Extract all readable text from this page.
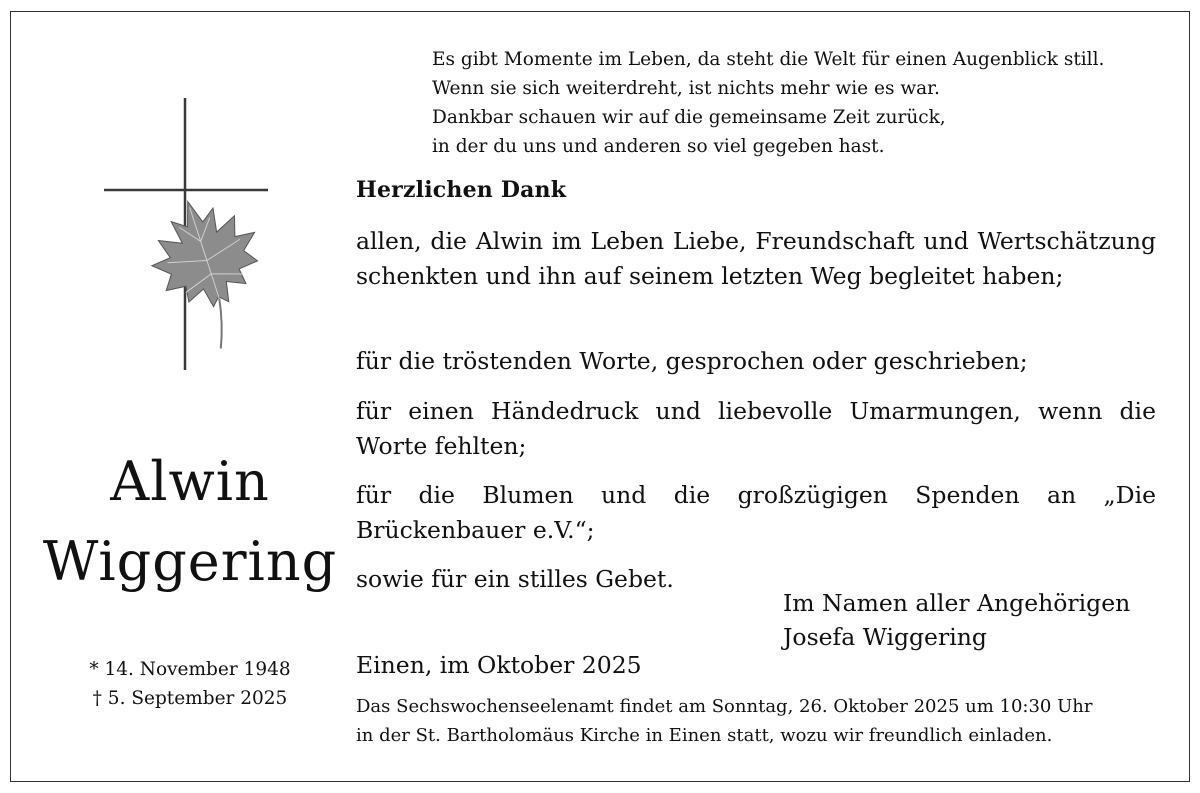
Es gibt Momente im Leben, da steht die Welt für einen Augenblick still.
Wenn sie sich weiterdreht, ist nichts mehr wie es war.
Dankbar schauen wir auf die gemeinsame Zeit zurück,
in der du uns und anderen so viel gegeben hast.
Herzlichen Dank
allen, die Alwin im Leben Liebe, Freundschaft und Wertschätzung schenkten und ihn auf seinem letzten Weg begleitet haben;
für die tröstenden Worte, gesprochen oder geschrieben;
für einen Händedruck und liebevolle Umarmungen, wenn die Worte fehlten;
für die Blumen und die großzügigen Spenden an „Die Brückenbauer e.V.“;
sowie für ein stilles Gebet.
Im Namen aller Angehörigen
Josefa Wiggering
Einen, im Oktober 2025
Das Sechswochenseelenamt findet am Sonntag, 26. Oktober 2025 um 10:30 Uhr
in der St. Bartholomäus Kirche in Einen statt, wozu wir freundlich einladen.
Alwin
Wiggering
* 14. November 1948
† 5. September 2025
